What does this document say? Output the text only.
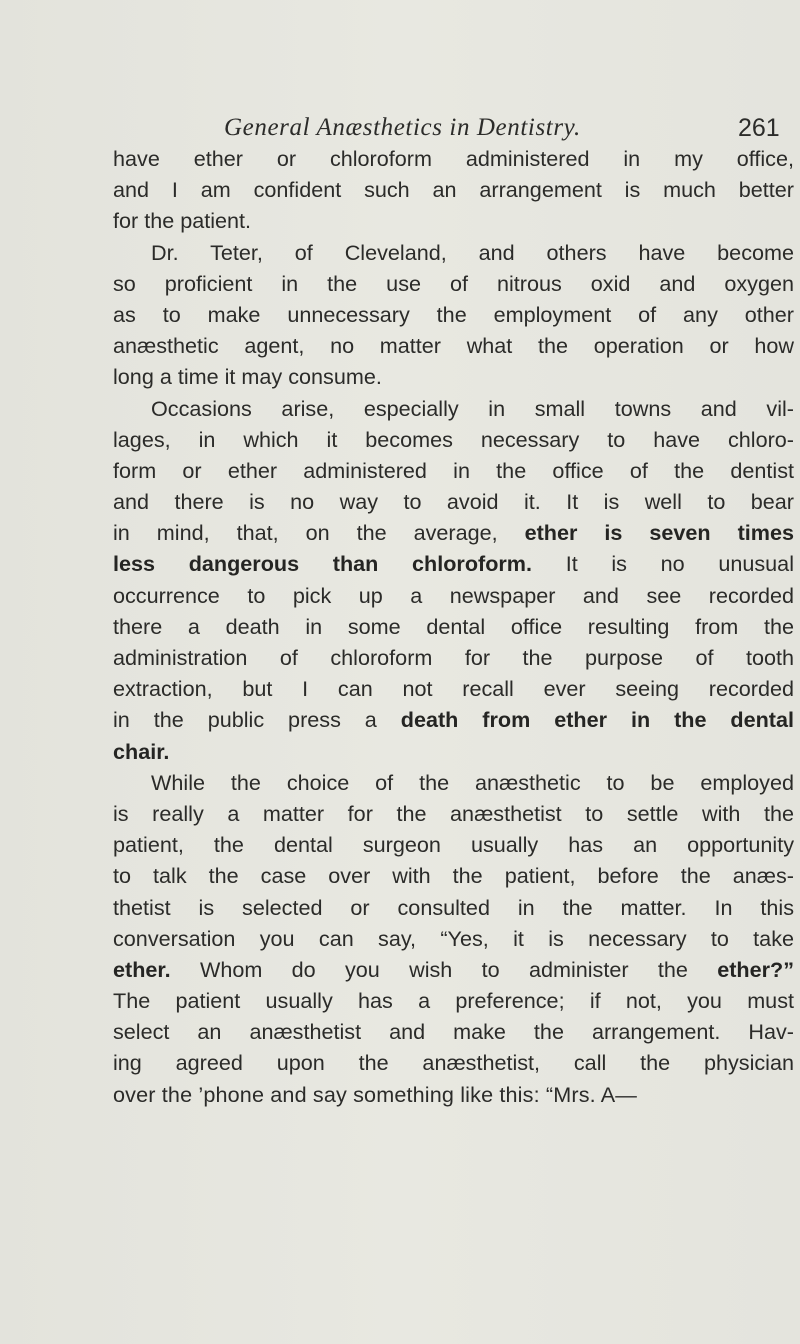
General Anæsthetics in Dentistry.	261
have ether or chloroform administered in my office,
and I am confident such an arrangement is much better
for the patient.
Dr. Teter, of Cleveland, and others have become
so proficient in the use of nitrous oxid and oxygen
as to make unnecessary the employment of any other
anæsthetic agent, no matter what the operation or how
long a time it may consume.
Occasions arise, especially in small towns and vil-
lages, in which it becomes necessary to have chloro-
form or ether administered in the office of the dentist
and there is no way to avoid it. It is well to bear
in mind, that, on the average, ether is seven times
less dangerous than chloroform. It is no unusual
occurrence to pick up a newspaper and see recorded
there a death in some dental office resulting from the
administration of chloroform for the purpose of tooth
extraction, but I can not recall ever seeing recorded
in the public press a death from ether in the dental
chair.
While the choice of the anæsthetic to be employed
is really a matter for the anæsthetist to settle with the
patient, the dental surgeon usually has an opportunity
to talk the case over with the patient, before the anæs-
thetist is selected or consulted in the matter. In this
conversation you can say, “Yes, it is necessary to take
ether. Whom do you wish to administer the ether?”
The patient usually has a preference; if not, you must
select an anæsthetist and make the arrangement. Hav-
ing agreed upon the anæsthetist, call the physician
over the ’phone and say something like this: “Mrs. A—
